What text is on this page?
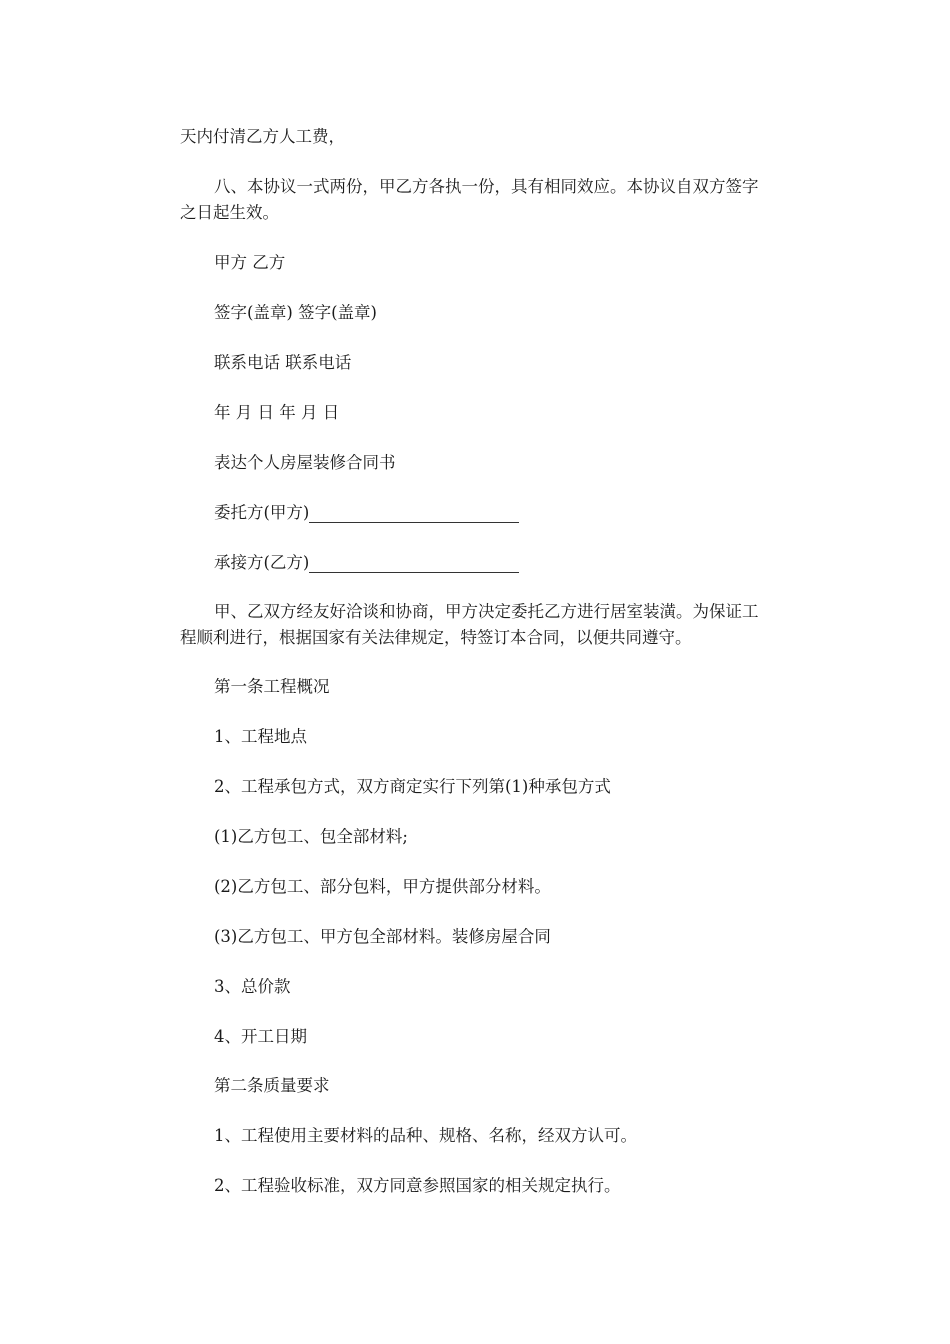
天内付清乙方人工费，

八、本协议一式两份，甲乙方各执一份，具有相同效应。本协议自双方签字之日起生效。

甲方 乙方

签字(盖章) 签字(盖章)

联系电话 联系电话

年 月 日 年 月 日

表达个人房屋装修合同书

委托方(甲方)

承接方(乙方)

甲、乙双方经友好洽谈和协商，甲方决定委托乙方进行居室装潢。为保证工程顺利进行，根据国家有关法律规定，特签订本合同，以便共同遵守。

第一条工程概况

1、工程地点

2、工程承包方式，双方商定实行下列第(1)种承包方式

(1)乙方包工、包全部材料;

(2)乙方包工、部分包料，甲方提供部分材料。

(3)乙方包工、甲方包全部材料。装修房屋合同

3、总价款

4、开工日期

第二条质量要求

1、工程使用主要材料的品种、规格、名称，经双方认可。

2、工程验收标准，双方同意参照国家的相关规定执行。
